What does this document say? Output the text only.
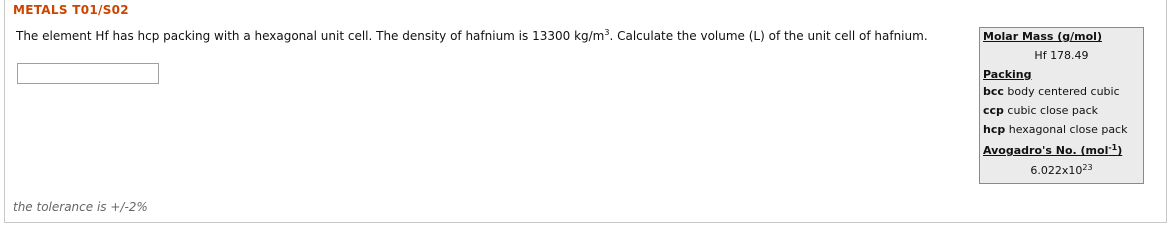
METALS T01/S02
The element Hf has hcp packing with a hexagonal unit cell. The density of hafnium is 13300 $kg/m^3$. Calculate the volume (L) of the unit cell of hafnium.
the tolerance is +/-2%
Molar Mass (g/mol)
Hf 178.49
Packing
bcc body centered cubic
ccp cubic close pack
hcp hexagonal close pack
Avogadro's No. (mol$^{-1}$)
$6.022x10^{23}$
